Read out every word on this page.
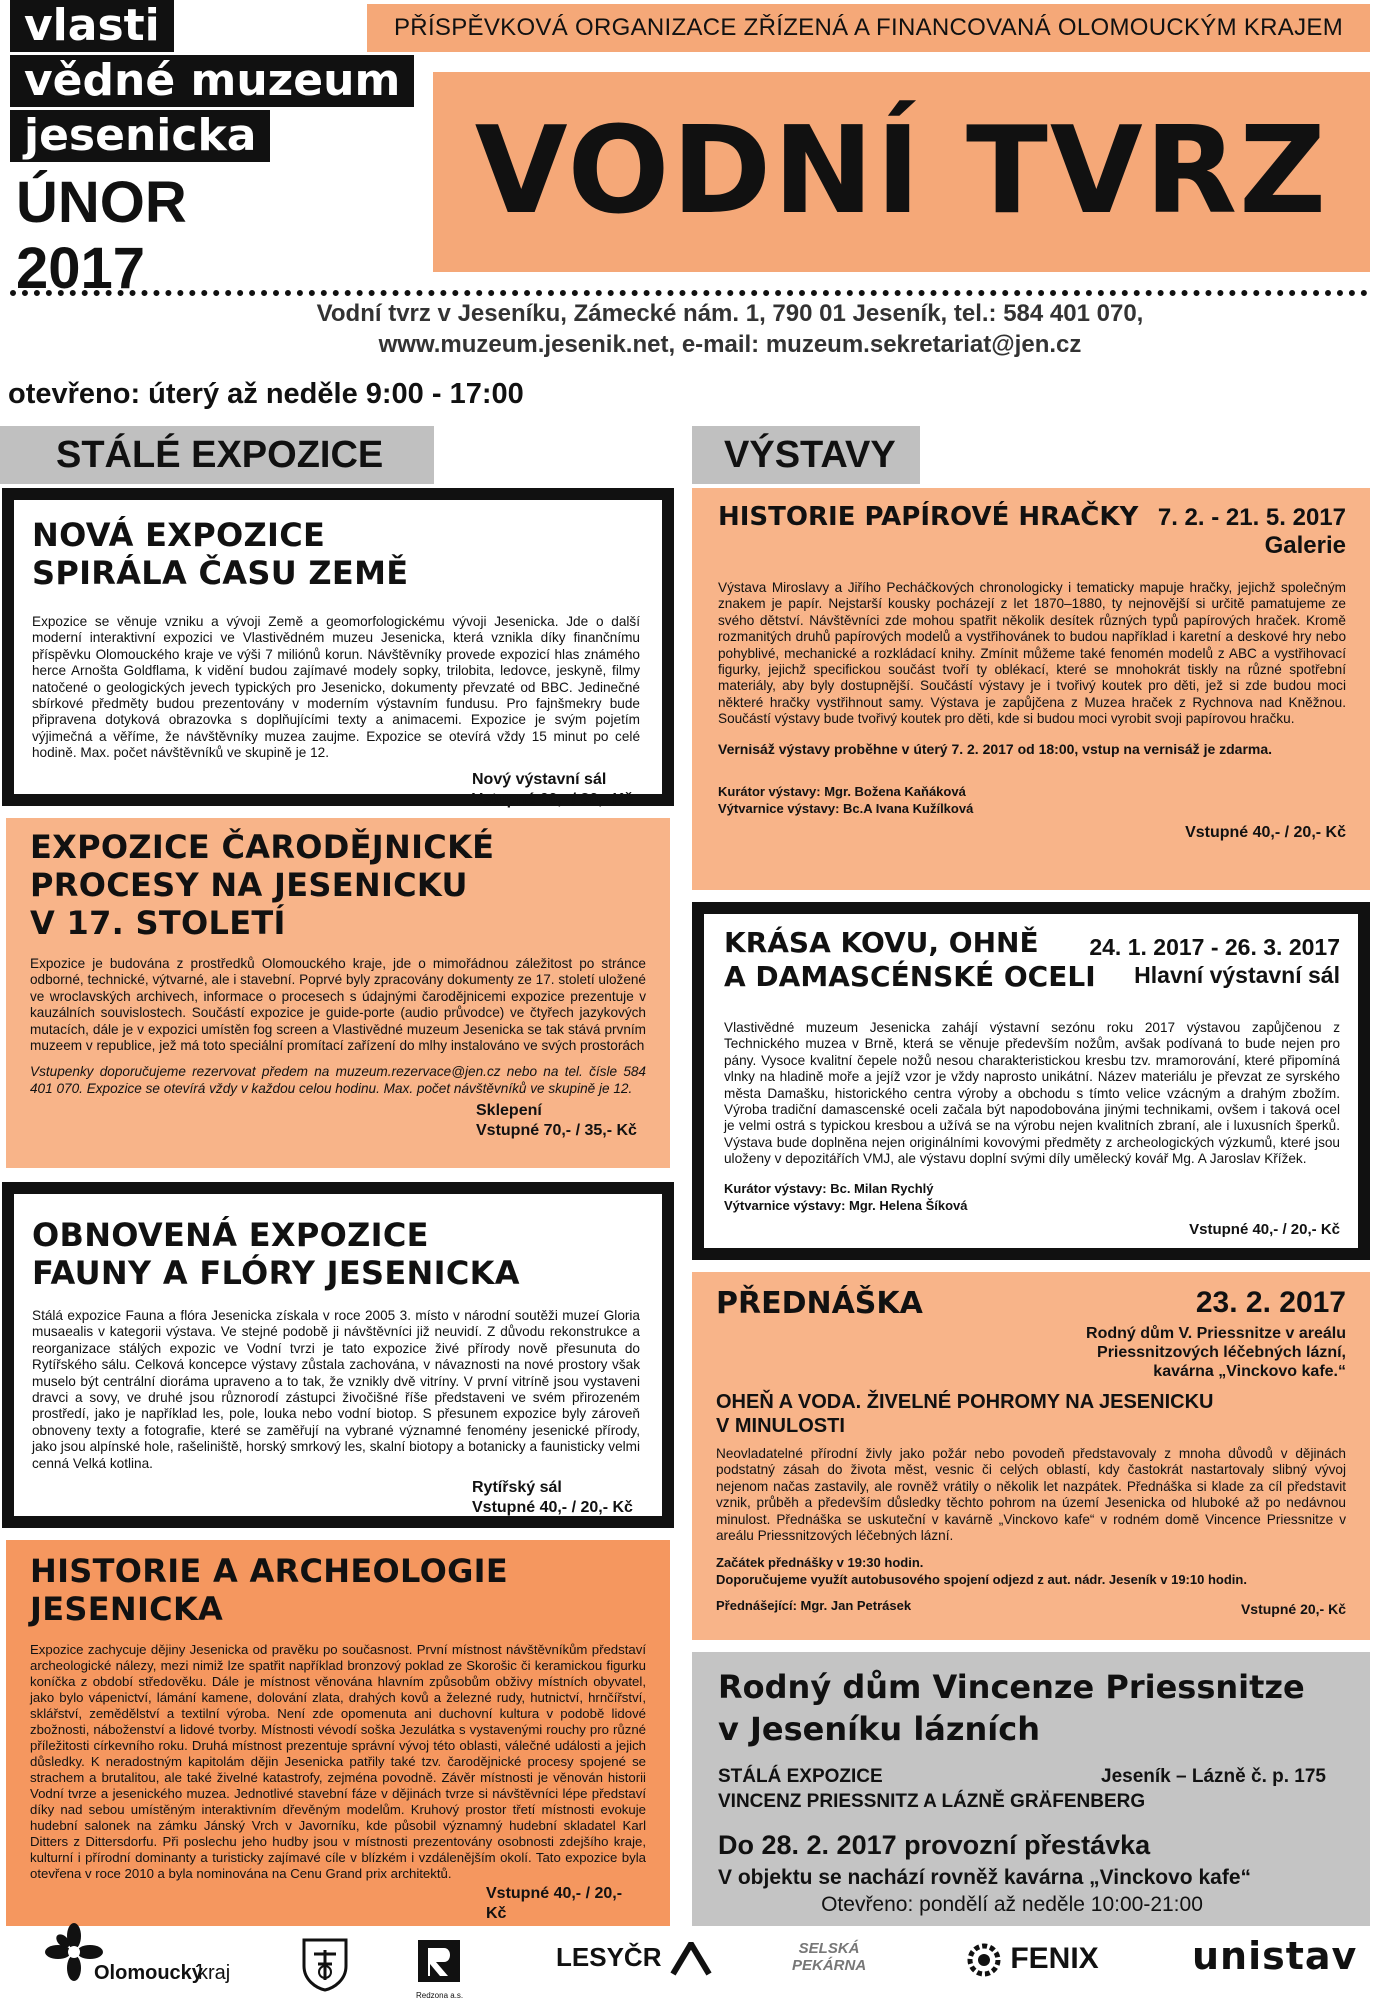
vlasti
vědné muzeum
jesenicka
ÚNOR
2017
PŘÍSPĚVKOVÁ ORGANIZACE ZŘÍZENÁ A FINANCOVANÁ OLOMOUCKÝM KRAJEM
VODNÍ TVRZ
Vodní tvrz v Jeseníku, Zámecké nám. 1, 790 01 Jeseník, tel.: 584 401 070,
www.muzeum.jesenik.net, e-mail: muzeum.sekretariat@jen.cz
otevřeno: úterý až neděle 9:00 - 17:00
STÁLÉ EXPOZICE	VÝSTAVY
NOVÁ EXPOZICE
SPIRÁLA ČASU ZEMĚ

Expozice se věnuje vzniku a vývoji Země a geomorfologickému vývoji Jesenicka. Jde o další moderní interaktivní expozici ve Vlastivědném muzeu Jesenicka, která vznikla díky finančnímu příspěvku Olomouckého kraje ve výši 7 miliónů korun. Návštěvníky provede expozicí hlas známého herce Arnošta Goldflama, k vidění budou zajímavé modely sopky, trilobita, ledovce, jeskyně, filmy natočené o geologických jevech typických pro Jesenicko, dokumenty převzaté od BBC. Jedinečné sbírkové předměty budou prezentovány v moderním výstavním fundusu. Pro fajnšmekry bude připravena dotyková obrazovka s doplňujícími texty a animacemi. Expozice je svým pojetím výjimečná a věříme, že návštěvníky muzea zaujme. Expozice se otevírá vždy 15 minut po celé hodině. Max. počet návštěvníků ve skupině je 12.

Nový výstavní sál
Vstupné 60,- / 30,- Kč
EXPOZICE ČARODĚJNICKÉ
PROCESY NA JESENICKU
V 17. STOLETÍ

Expozice je budována z prostředků Olomouckého kraje, jde o mimořádnou záležitost po stránce odborné, technické, výtvarné, ale i stavební. Poprvé byly zpracovány dokumenty ze 17. století uložené ve wroclavských archivech, informace o procesech s údajnými čarodějnicemi expozice prezentuje v kauzálních souvislostech. Součástí expozice je guide-porte (audio průvodce) ve čtyřech jazykových mutacích, dále je v expozici umístěn fog screen a Vlastivědné muzeum Jesenicka se tak stává prvním muzeem v republice, jež má toto speciální promítací zařízení do mlhy instalováno ve svých prostorách

Vstupenky doporučujeme rezervovat předem na muzeum.rezervace@jen.cz nebo na tel. čísle 584 401 070. Expozice se otevírá vždy v každou celou hodinu. Max. počet návštěvníků ve skupině je 12.

Sklepení
Vstupné 70,- / 35,- Kč
OBNOVENÁ EXPOZICE
FAUNY A FLÓRY JESENICKA

Stálá expozice Fauna a flóra Jesenicka získala v roce 2005 3. místo v národní soutěži muzeí Gloria musaealis v kategorii výstava. Ve stejné podobě ji návštěvníci již neuvidí. Z důvodu rekonstrukce a reorganizace stálých expozic ve Vodní tvrzi je tato expozice živé přírody nově přesunuta do Rytířského sálu. Celková koncepce výstavy zůstala zachována, v návaznosti na nové prostory však muselo být centrální dioráma upraveno a to tak, že vznikly dvě vitríny. V první vitríně jsou vystaveni dravci a sovy, ve druhé jsou různorodí zástupci živočišné říše představeni ve svém přirozeném prostředí, jako je například les, pole, louka nebo vodní biotop. S přesunem expozice byly zároveň obnoveny texty a fotografie, které se zaměřují na vybrané významné fenomény jesenické přírody, jako jsou alpínské hole, rašeliniště, horský smrkový les, skalní biotopy a botanicky a faunisticky velmi cenná Velká kotlina.

Rytířský sál
Vstupné 40,- / 20,- Kč
HISTORIE A ARCHEOLOGIE
JESENICKA

Expozice zachycuje dějiny Jesenicka od pravěku po současnost. První místnost návštěvníkům představí archeologické nálezy, mezi nimiž lze spatřit například bronzový poklad ze Skorošic či keramickou figurku koníčka z období středověku. Dále je místnost věnována hlavním způsobům obživy místních obyvatel, jako bylo vápenictví, lámání kamene, dolování zlata, drahých kovů a železné rudy, hutnictví, hrnčířství, sklářství, zemědělství a textilní výroba. Není zde opomenuta ani duchovní kultura v podobě lidové zbožnosti, náboženství a lidové tvorby. Místnosti vévodí soška Jezulátka s vystavenými rouchy pro různé příležitosti církevního roku. Druhá místnost prezentuje správní vývoj této oblasti, válečné události a jejich důsledky. K neradostným kapitolám dějin Jesenicka patřily také tzv. čarodějnické procesy spojené se strachem a brutalitou, ale také živelné katastrofy, zejména povodně. Závěr místnosti je věnován historii Vodní tvrze a jesenického muzea. Jednotlivé stavební fáze v dějinách tvrze si návštěvníci lépe představí díky nad sebou umístěným interaktivním dřevěným modelům. Kruhový prostor třetí místnosti evokuje hudební salonek na zámku Jánský Vrch v Javorníku, kde působil významný hudební skladatel Karl Ditters z Dittersdorfu. Při poslechu jeho hudby jsou v místnosti prezentovány osobnosti zdejšího kraje, kulturní i přírodní dominanty a turisticky zajímavé cíle v blízkém i vzdálenějším okolí. Tato expozice byla otevřena v roce 2010 a byla nominována na Cenu Grand prix architektů.

Vstupné 40,- / 20,- Kč
HISTORIE PAPÍROVÉ HRAČKY 7. 2. - 21. 5. 2017
Galerie

Výstava Miroslavy a Jiřího Pecháčkových chronologicky i tematicky mapuje hračky, jejichž společným znakem je papír. Nejstarší kousky pocházejí z let 1870–1880, ty nejnovější si určitě pamatujeme ze svého dětství. Návštěvníci zde mohou spatřit několik desítek různých typů papírových hraček. Kromě rozmanitých druhů papírových modelů a vystřihovánek to budou například i karetní a deskové hry nebo pohyblivé, mechanické a rozkládací knihy. Zmínit můžeme také fenomén modelů z ABC a vystřihovací figurky, jejichž specifickou součást tvoří ty oblékací, které se mnohokrát tiskly na různé spotřební materiály, aby byly dostupnější. Součástí výstavy je i tvořivý koutek pro děti, jež si zde budou moci některé hračky vystřihnout samy. Výstava je zapůjčena z Muzea hraček z Rychnova nad Kněžnou. Součástí výstavy bude tvořivý koutek pro děti, kde si budou moci vyrobit svoji papírovou hračku.

Vernisáž výstavy proběhne v úterý 7. 2. 2017 od 18:00, vstup na vernisáž je zdarma.
Kurátor výstavy: Mgr. Božena Kaňáková
Výtvarnice výstavy: Bc.A Ivana Kužílková
Vstupné 40,- / 20,- Kč
KRÁSA KOVU, OHNĚ
A DAMASCÉNSKÉ OCELI
24. 1. 2017 - 26. 3. 2017
Hlavní výstavní sál

Vlastivědné muzeum Jesenicka zahájí výstavní sezónu roku 2017 výstavou zapůjčenou z Technického muzea v Brně, která se věnuje především nožům, avšak podívaná to bude nejen pro pány. Vysoce kvalitní čepele nožů nesou charakteristickou kresbu tzv. mramorování, které připomíná vlnky na hladině moře a jejíž vzor je vždy naprosto unikátní. Název materiálu je převzat ze syrského města Damašku, historického centra výroby a obchodu s tímto velice vzácným a drahým zbožím. Výroba tradiční damascenské oceli začala být napodobována jinými technikami, ovšem i taková ocel je velmi ostrá s typickou kresbou a užívá se na výrobu nejen kvalitních zbraní, ale i luxusních šperků. Výstava bude doplněna nejen originálními kovovými předměty z archeologických výzkumů, které jsou uloženy v depozitářích VMJ, ale výstavu doplní svými díly umělecký kovář Mg. A Jaroslav Křížek.

Kurátor výstavy: Bc. Milan Rychlý
Výtvarnice výstavy: Mgr. Helena Šíková
Vstupné 40,- / 20,- Kč
PŘEDNÁŠKA	23. 2. 2017
Rodný dům V. Priessnitze v areálu
Priessnitzových léčebných lázní,
kavárna „Vinckovo kafe.“
OHEŇ A VODA. ŽIVELNÉ POHROMY NA JESENICKU
V MINULOSTI

Neovladatelné přírodní živly jako požár nebo povodeň představovaly z mnoha důvodů v dějinách podstatný zásah do života měst, vesnic či celých oblastí, kdy častokrát nastartovaly slibný vývoj nejenom načas zastavily, ale rovněž vrátily o několik let nazpátek. Přednáška si klade za cíl představit vznik, průběh a především důsledky těchto pohrom na území Jesenicka od hluboké až po nedávnou minulost. Přednáška se uskuteční v kavárně „Vinckovo kafe“ v rodném domě Vincence Priessnitze v areálu Priessnitzových léčebných lázní.

Začátek přednášky v 19:30 hodin.
Doporučujeme využít autobusového spojení odjezd z aut. nádr. Jeseník v 19:10 hodin.
Přednášející: Mgr. Jan Petrásek	Vstupné 20,- Kč
Rodný dům Vincenze Priessnitze
v Jeseníku lázních
STÁLÁ EXPOZICE	Jeseník – Lázně č. p. 175
VINCENZ PRIESSNITZ A LÁZNĚ GRÄFENBERG
Do 28. 2. 2017 provozní přestávka
V objektu se nachází rovněž kavárna „Vinckovo kafe“
Otevřeno: pondělí až neděle 10:00-21:00
Olomoucký
kraj
Redzona a.s.
LESYČR	SELSKÁ
PEKÁRNA	FENIX unistav
